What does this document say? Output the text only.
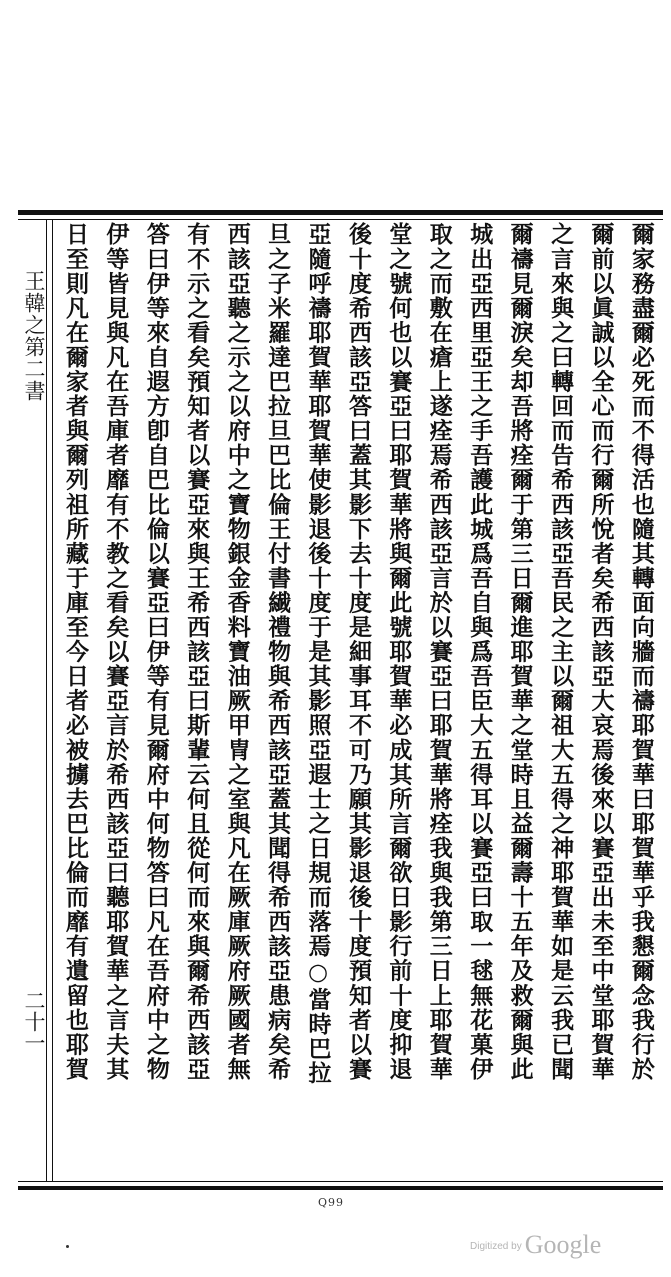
王韓之第二書
二十一	爾家務盡爾必死而不得活也隨其轉面向牆而禱耶賀華曰耶賀華乎我懇爾念我行於
爾前以眞誠以全心而行爾所悅者矣希西該亞大哀焉後來以賽亞出未至中堂耶賀華
之言來與之曰轉回而告希西該亞吾民之主以爾祖大五得之神耶賀華如是云我已聞
爾禱見爾淚矣却吾將痊爾于第三日爾進耶賀華之堂時且益爾壽十五年及救爾與此
城出亞西里亞王之手吾護此城爲吾自與爲吾臣大五得耳以賽亞曰取一毬無花菓伊
取之而敷在瘡上遂痊焉希西該亞言於以賽亞曰耶賀華將痊我與我第三日上耶賀華
堂之號何也以賽亞曰耶賀華將與爾此號耶賀華必成其所言爾欲日影行前十度抑退
後十度希西該亞答曰蓋其影下去十度是細事耳不可乃願其影退後十度預知者以賽
亞隨呼禱耶賀華耶賀華使影退後十度于是其影照亞遐士之日規而落焉○當時巴拉
旦之子米羅達巴拉旦巴比倫王付書繊禮物與希西該亞蓋其聞得希西該亞患病矣希
西該亞聽之示之以府中之寶物銀金香料寶油厥甲冑之室與凡在厥庫厥府厥國者無
有不示之看矣預知者以賽亞來與王希西該亞曰斯輩云何且從何而來與爾希西該亞
答曰伊等來自遐方卽自巴比倫以賽亞曰伊等有見爾府中何物答曰凡在吾府中之物
伊等皆見與凡在吾庫者靡有不教之看矣以賽亞言於希西該亞曰聽耶賀華之言夫其
日至則凡在爾家者與爾列祖所藏于庫至今日者必被擄去巴比倫而靡有遺留也耶賀
Q99
$^{Digitized by}$ Google
